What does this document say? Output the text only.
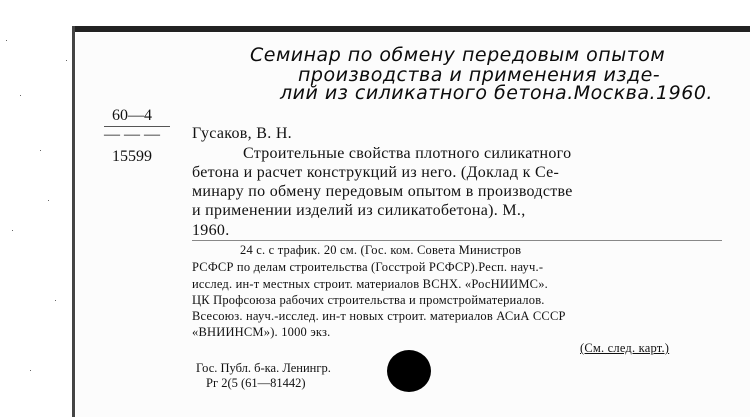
Семинар по обмену передовым опытом
производства и применения изде-
лий из силикатного бетона.Москва.1960.
60—4
— — —
15599
Гусаков, В. Н.
Строительные свойства плотного силикатного
бетона и расчет конструкций из него. (Доклад к Се-
минару по обмену передовым опытом в производстве
и применении изделий из силикатобетона). М.,
1960.
24 с. с трафик. 20 см. (Гос. ком. Совета Министров
РСФСР по делам строительства (Госстрой РСФСР).Респ. науч.-
исслед. ин-т местных строит. материалов ВСНХ. «РосНИИМС».
ЦК Профсоюза рабочих строительства и промстройматериалов.
Всесоюз. науч.-исслед. ин-т новых строит. материалов АСиА СССР
«ВНИИНСМ»). 1000 экз.
(См. след. карт.)
Гос. Публ. б-ка. Ленингр.
Рг 2(5 (61—81442)
